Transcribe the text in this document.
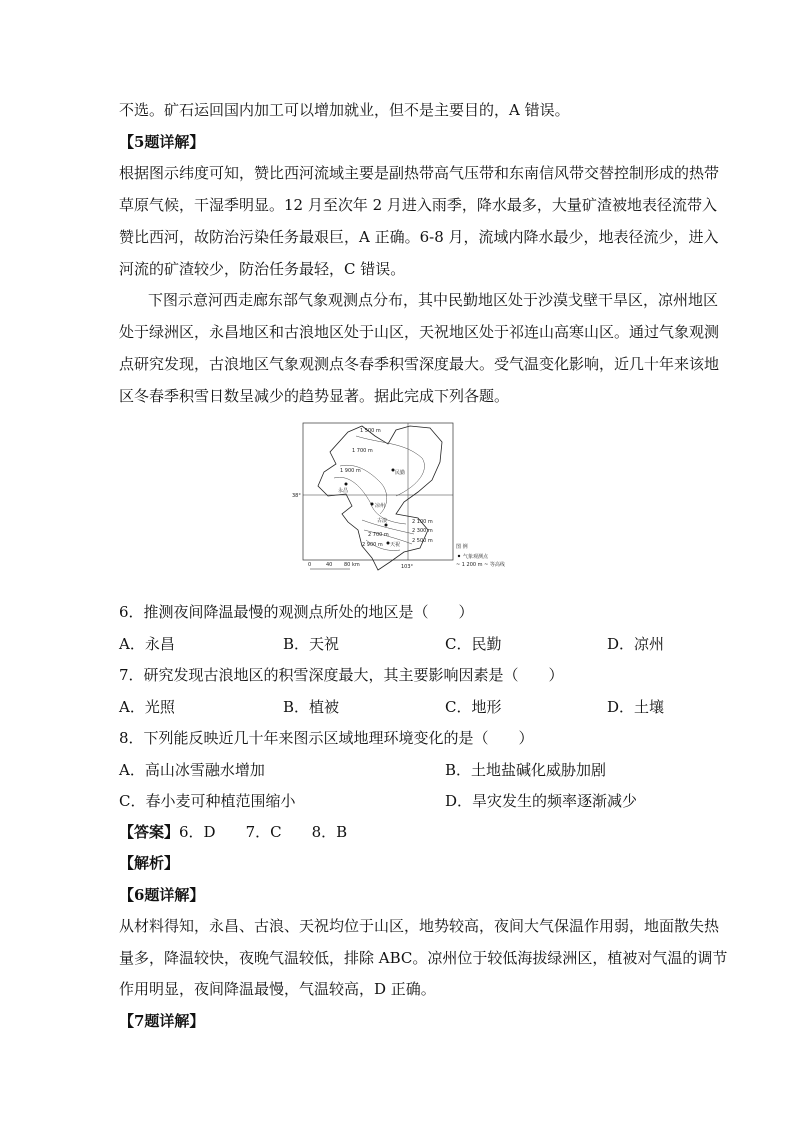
不选。矿石运回国内加工可以增加就业，但不是主要目的，A 错误。
【5题详解】
根据图示纬度可知，赞比西河流域主要是副热带高气压带和东南信风带交替控制形成的热带
草原气候，干湿季明显。12 月至次年 2 月进入雨季，降水最多，大量矿渣被地表径流带入
赞比西河，故防治污染任务最艰巨，A 正确。6-8 月，流域内降水最少，地表径流少，进入
河流的矿渣较少，防治任务最轻，C 错误。
下图示意河西走廊东部气象观测点分布，其中民勤地区处于沙漠戈壁干旱区，凉州地区
处于绿洲区，永昌地区和古浪地区处于山区，天祝地区处于祁连山高寒山区。通过气象观测
点研究发现，古浪地区气象观测点冬春季积雪深度最大。受气温变化影响，近几十年来该地
区冬春季积雪日数呈减少的趋势显著。据此完成下列各题。
民勤
永昌
凉州
古浪
天祝
1 500 m
1 700 m
1 900 m
2 100 m
2 300 m
2 500 m
2 700 m
2 900 m
38°
103°
0	40 80 km
图 例
气象观测点
~ 1 200 m ~ 等高线
6．推测夜间降温最慢的观测点所处的地区是（　　）
A．永昌	B．天祝	C．民勤	D．凉州
7．研究发现古浪地区的积雪深度最大，其主要影响因素是（　　）
A．光照	B．植被	C．地形	D．土壤
8．下列能反映近几十年来图示区域地理环境变化的是（　　）
A．高山冰雪融水增加	B．土地盐碱化威胁加剧
C．春小麦可种植范围缩小	D．旱灾发生的频率逐渐减少
【答案】6．D　　7．C　　8．B
【解析】
【6题详解】
从材料得知，永昌、古浪、天祝均位于山区，地势较高，夜间大气保温作用弱，地面散失热
量多，降温较快，夜晚气温较低，排除 ABC。凉州位于较低海拔绿洲区，植被对气温的调节
作用明显，夜间降温最慢，气温较高，D 正确。
【7题详解】
